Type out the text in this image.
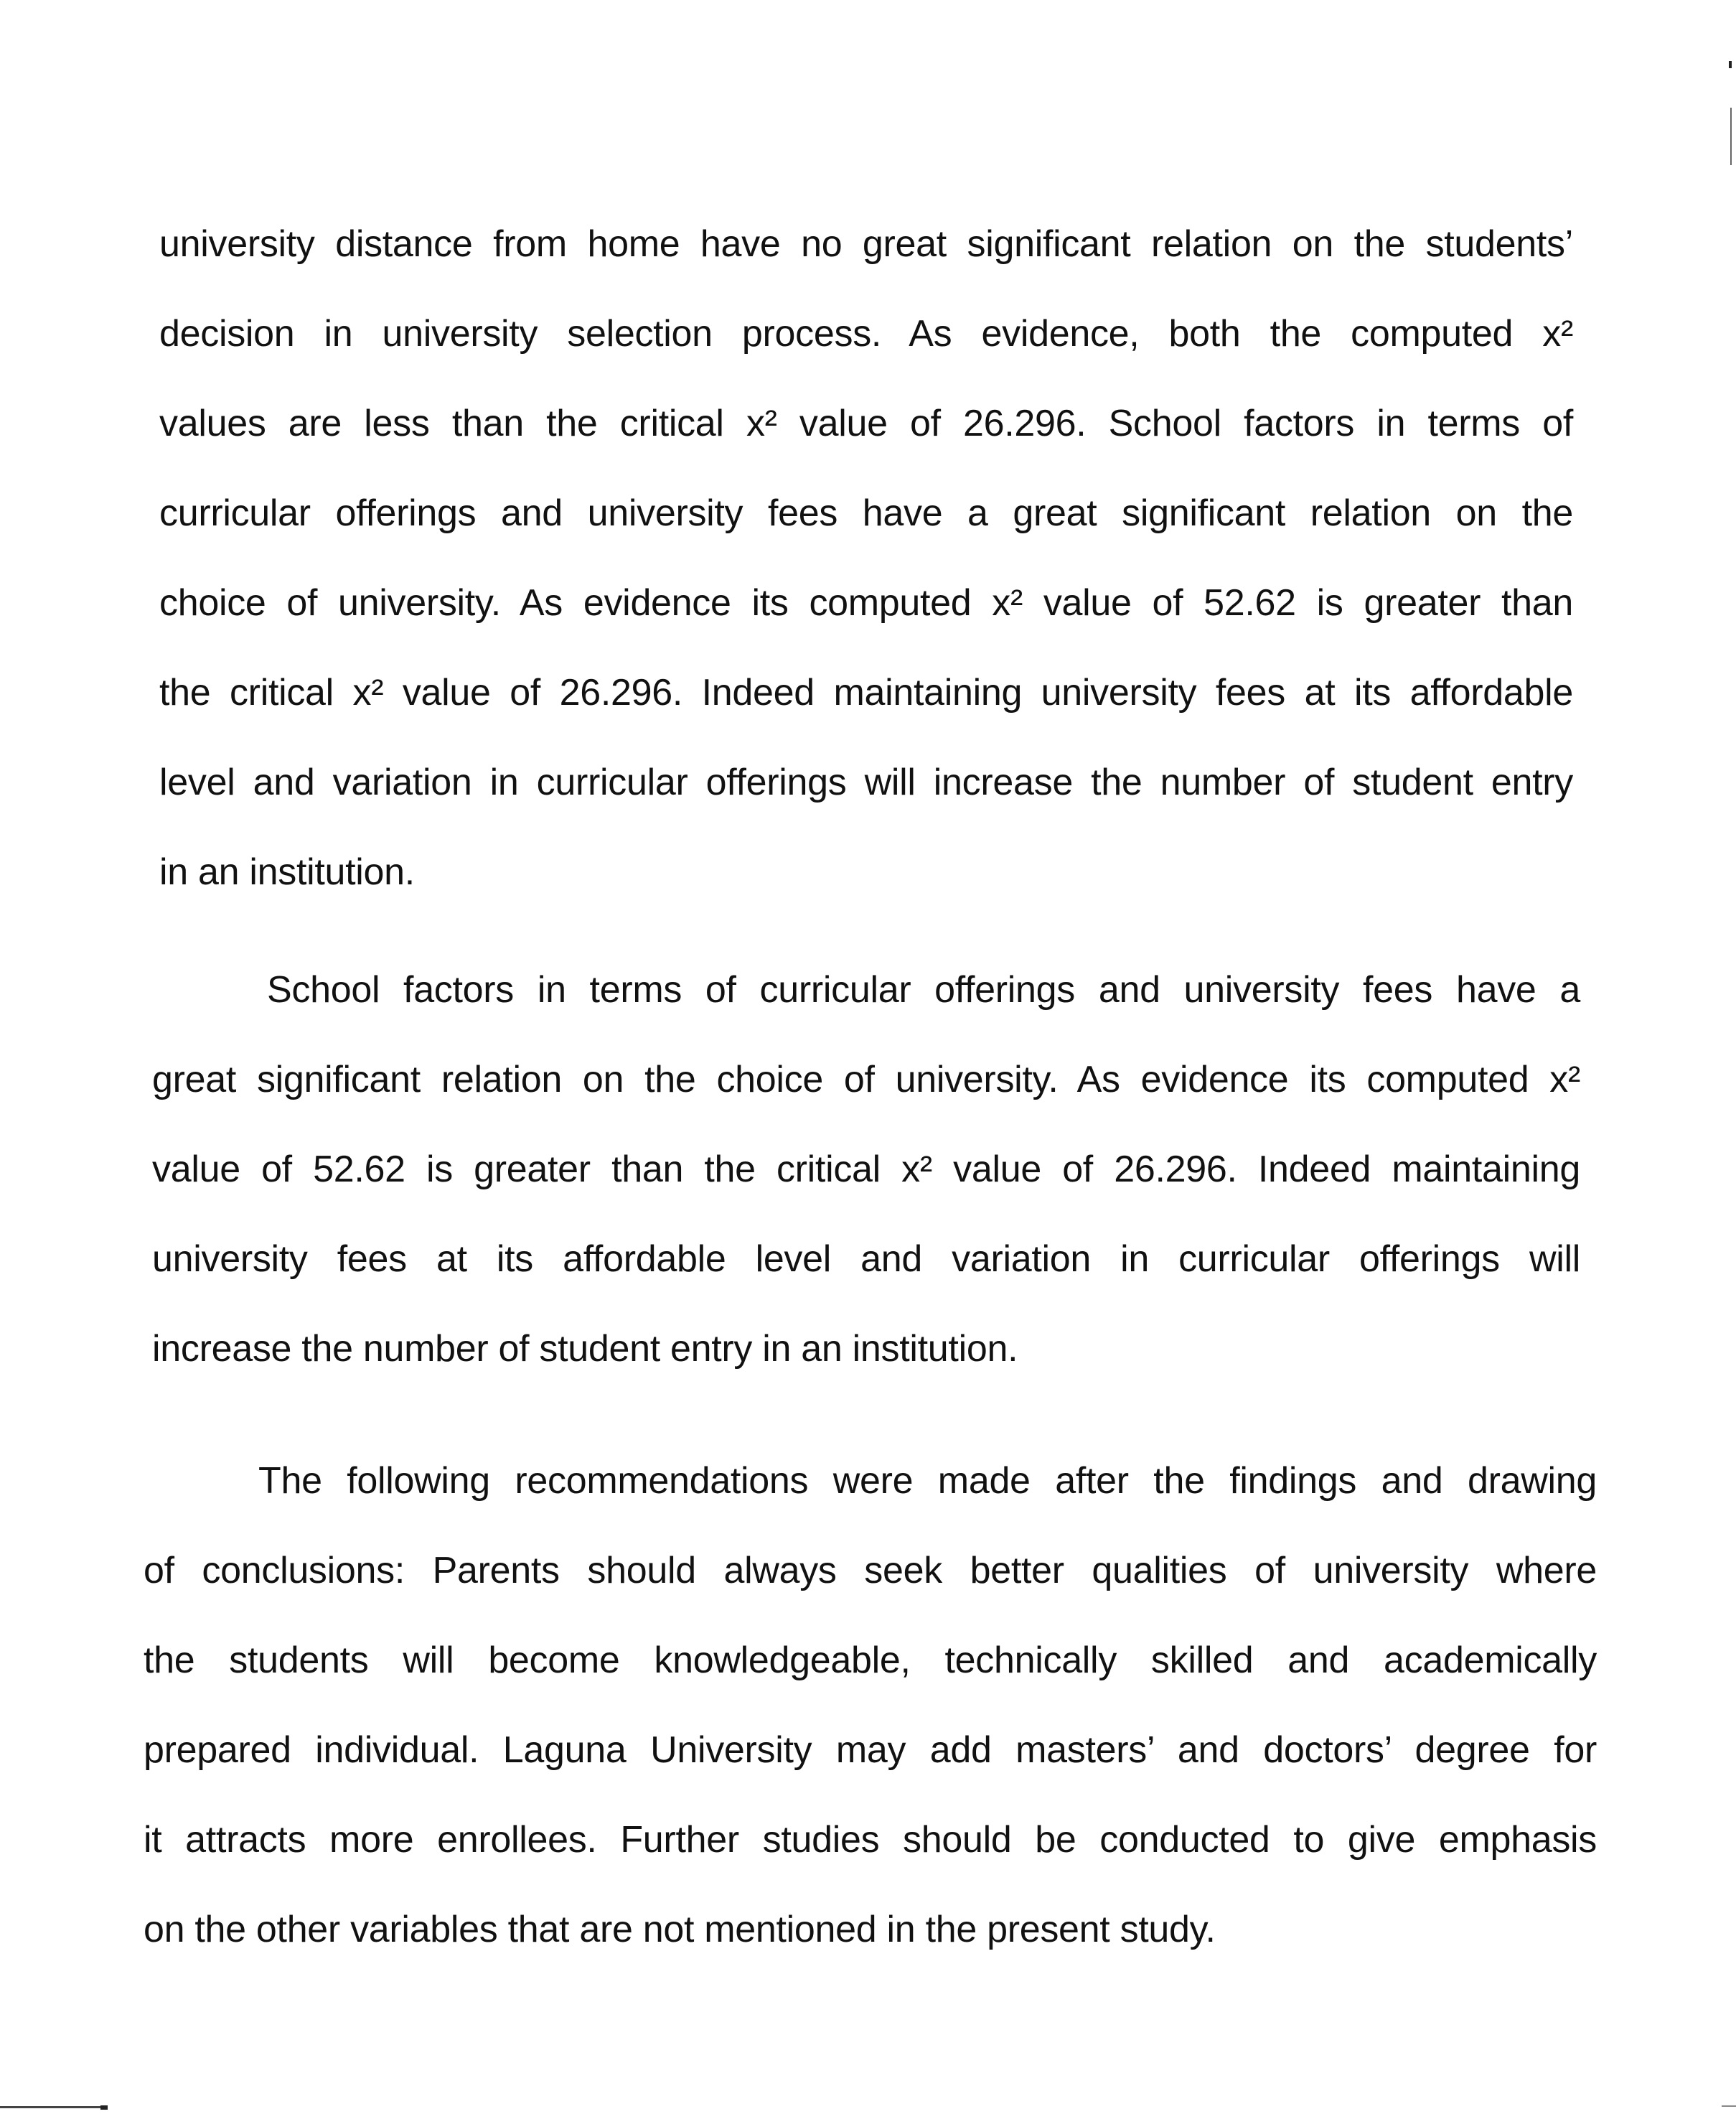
university distance from home have no great significant relation on the students’
decision in university selection process. As evidence, both the computed x²
values are less than the critical x² value of 26.296. School factors in terms of
curricular offerings and university fees have a great significant relation on the
choice of university. As evidence its computed x² value of 52.62 is greater than
the critical x² value of 26.296. Indeed maintaining university fees at its affordable
level and variation in curricular offerings will increase the number of student entry
in an institution.

School factors in terms of curricular offerings and university fees have a
great significant relation on the choice of university. As evidence its computed x²
value of 52.62 is greater than the critical x² value of 26.296. Indeed maintaining
university fees at its affordable level and variation in curricular offerings will
increase the number of student entry in an institution.

The following recommendations were made after the findings and drawing
of conclusions: Parents should always seek better qualities of university where
the students will become knowledgeable, technically skilled and academically
prepared individual. Laguna University may add masters’ and doctors’ degree for
it attracts more enrollees. Further studies should be conducted to give emphasis
on the other variables that are not mentioned in the present study.
